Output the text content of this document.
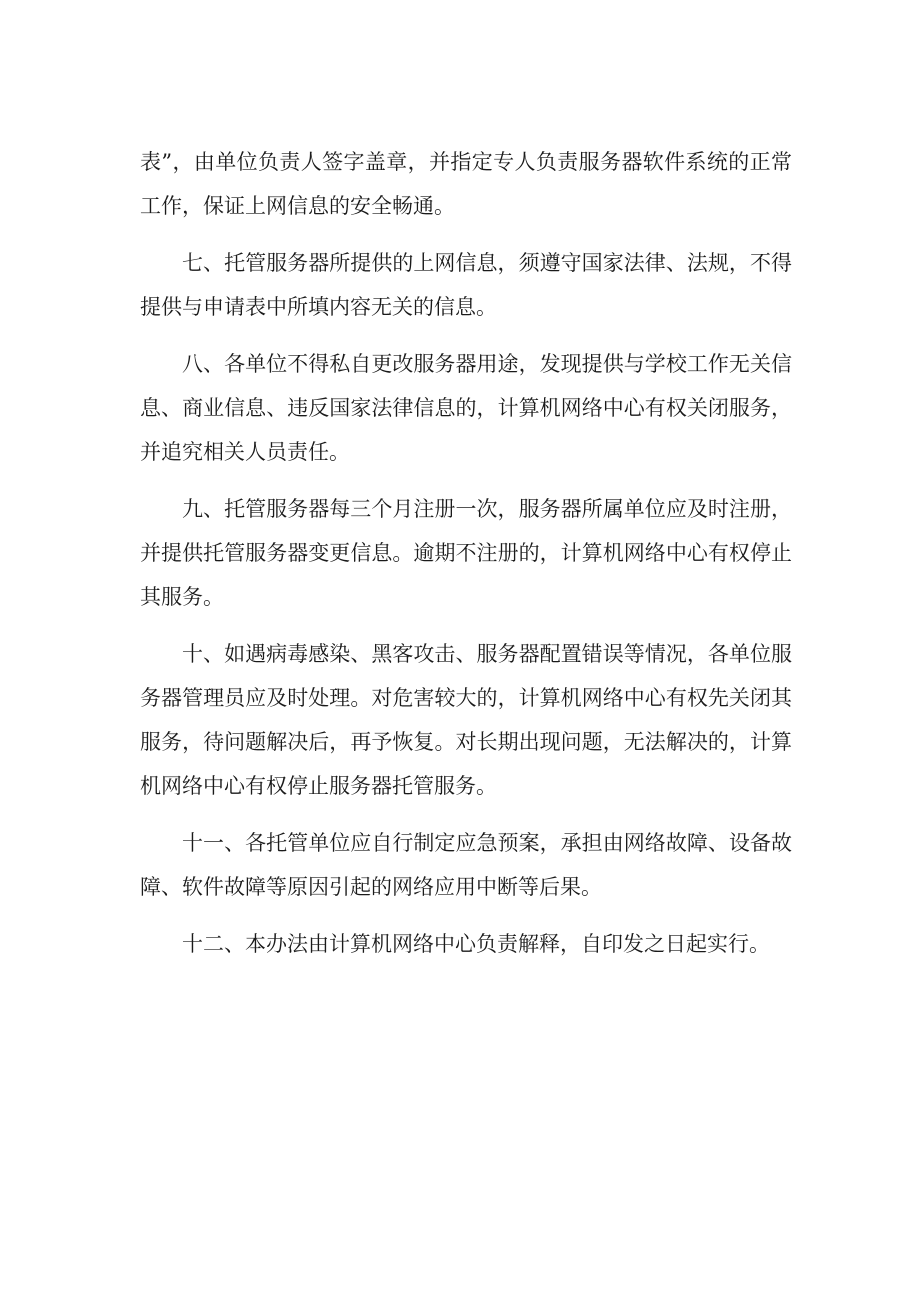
表”，由单位负责人签字盖章，并指定专人负责服务器软件系统的正常工作，保证上网信息的安全畅通。

七、托管服务器所提供的上网信息，须遵守国家法律、法规，不得提供与申请表中所填内容无关的信息。

八、各单位不得私自更改服务器用途，发现提供与学校工作无关信息、商业信息、违反国家法律信息的，计算机网络中心有权关闭服务，并追究相关人员责任。

九、托管服务器每三个月注册一次，服务器所属单位应及时注册，并提供托管服务器变更信息。逾期不注册的，计算机网络中心有权停止其服务。

十、如遇病毒感染、黑客攻击、服务器配置错误等情况，各单位服务器管理员应及时处理。对危害较大的，计算机网络中心有权先关闭其服务，待问题解决后，再予恢复。对长期出现问题，无法解决的，计算机网络中心有权停止服务器托管服务。

十一、各托管单位应自行制定应急预案，承担由网络故障、设备故障、软件故障等原因引起的网络应用中断等后果。

十二、本办法由计算机网络中心负责解释，自印发之日起实行。
